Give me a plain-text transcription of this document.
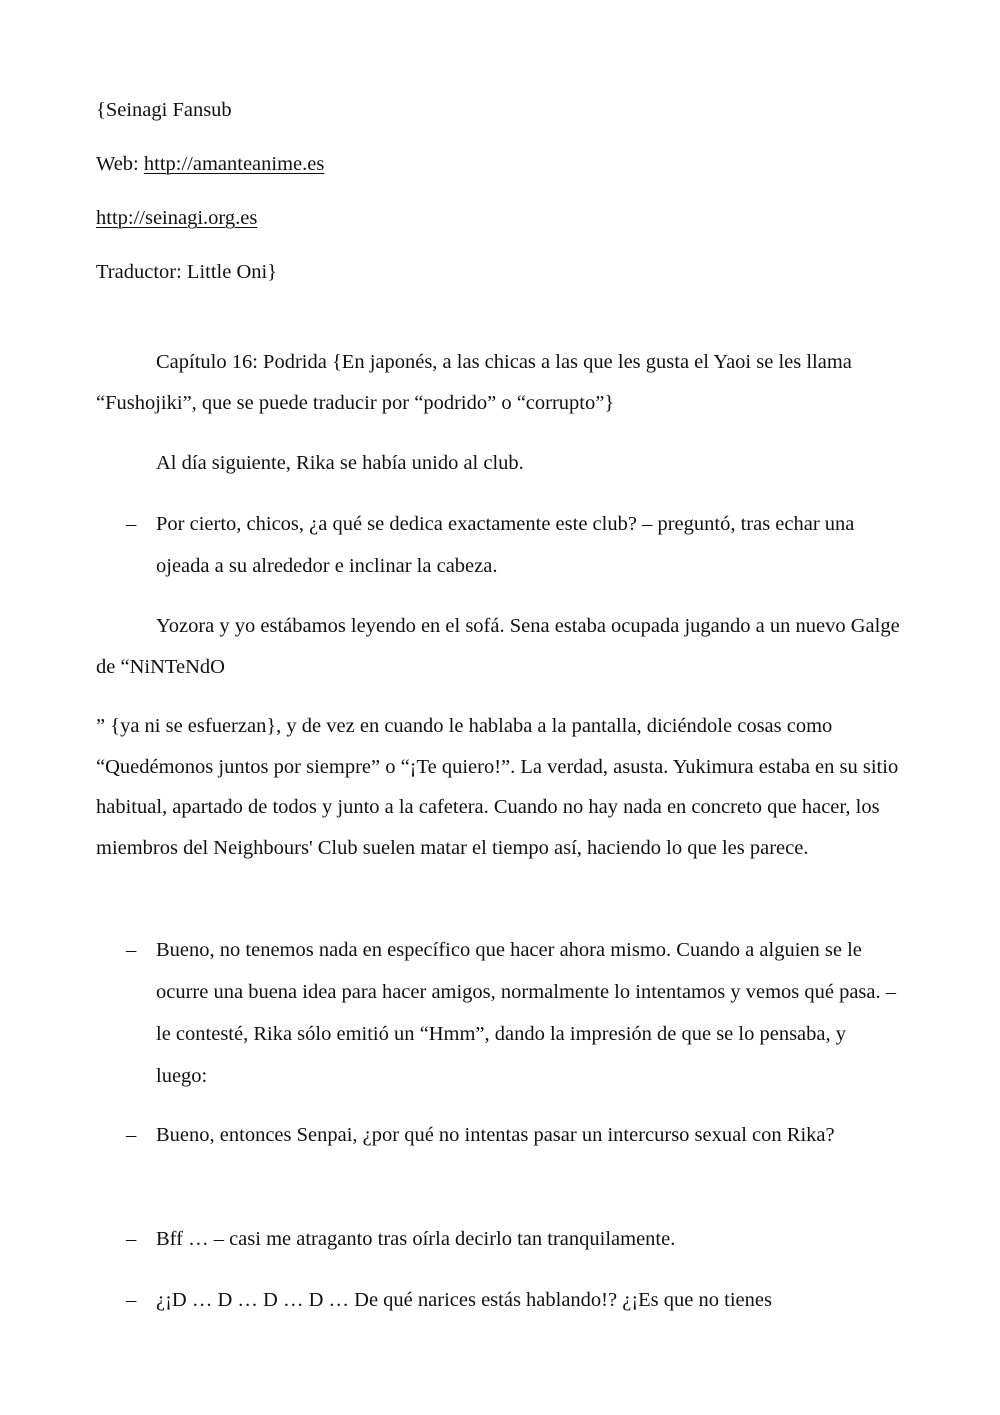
{Seinagi Fansub
Web: http://amanteanime.es
http://seinagi.org.es
Traductor: Little Oni}
Capítulo 16: Podrida {En japonés, a las chicas a las que les gusta el Yaoi se les llama “Fushojiki”, que se puede traducir por “podrido” o “corrupto”}
Al día siguiente, Rika se había unido al club.
– Por cierto, chicos, ¿a qué se dedica exactamente este club? – preguntó, tras echar una ojeada a su alrededor e inclinar la cabeza.
Yozora y yo estábamos leyendo en el sofá. Sena estaba ocupada jugando a un nuevo Galge de “NiNTeNdO
” {ya ni se esfuerzan}, y de vez en cuando le hablaba a la pantalla, diciéndole cosas como “Quedémonos juntos por siempre” o “¡Te quiero!”. La verdad, asusta. Yukimura estaba en su sitio habitual, apartado de todos y junto a la cafetera. Cuando no hay nada en concreto que hacer, los miembros del Neighbours' Club suelen matar el tiempo así, haciendo lo que les parece.
– Bueno, no tenemos nada en específico que hacer ahora mismo. Cuando a alguien se le ocurre una buena idea para hacer amigos, normalmente lo intentamos y vemos qué pasa. – le contesté, Rika sólo emitió un “Hmm”, dando la impresión de que se lo pensaba, y luego:
– Bueno, entonces Senpai, ¿por qué no intentas pasar un intercurso sexual con Rika?
– Bff … – casi me atraganto tras oírla decirlo tan tranquilamente.
– ¿¡D … D … D … D … De qué narices estás hablando!? ¿¡Es que no tienes
